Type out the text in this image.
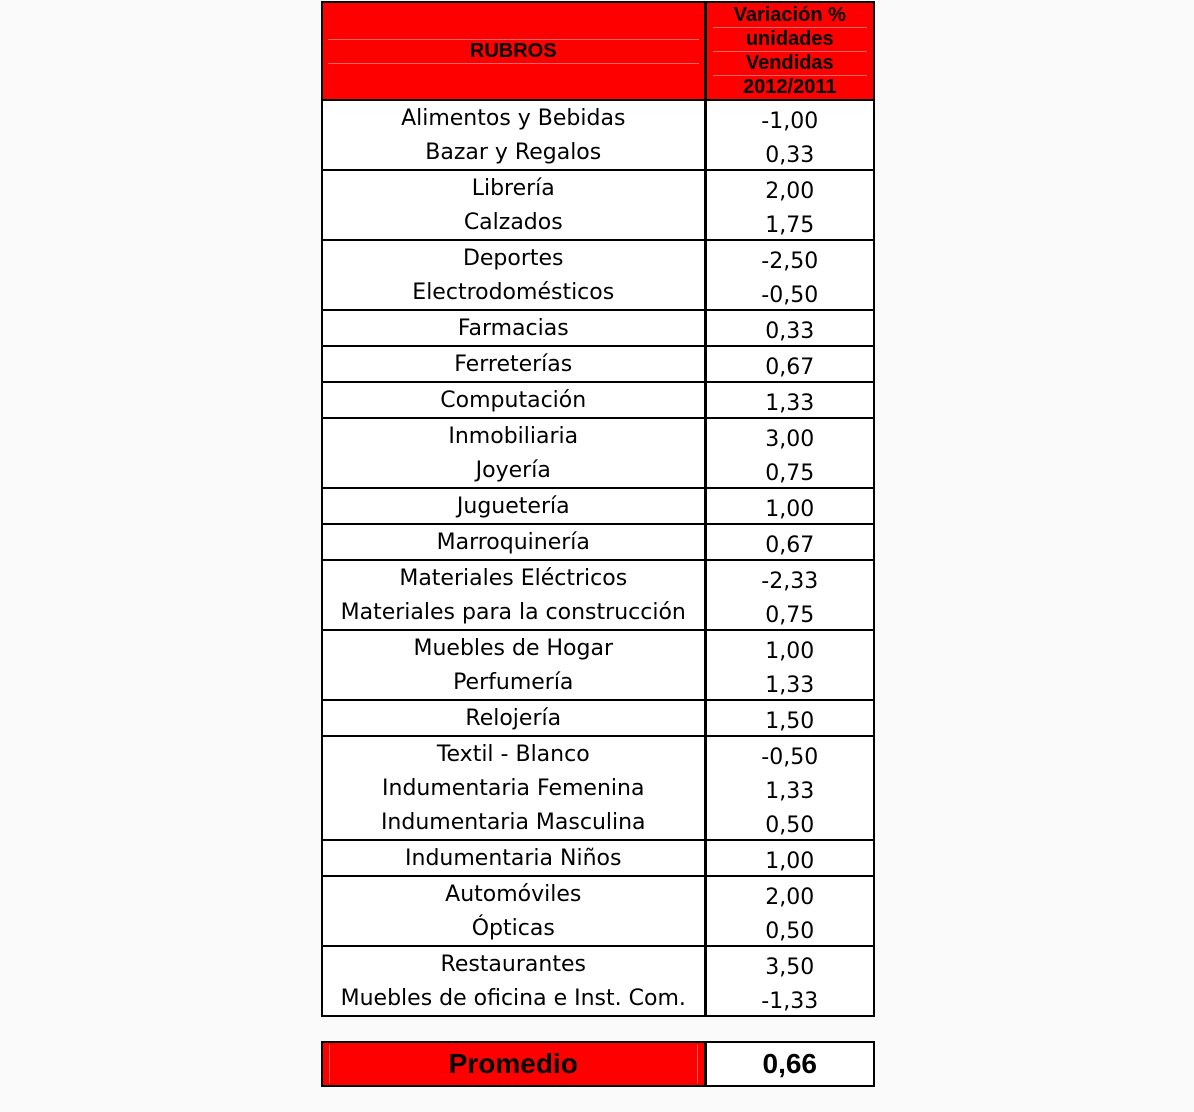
RUBROS	Variación %
unidades
Vendidas
2012/2011

Alimentos y Bebidas	-1,00
Bazar y Regalos	0,33
Librería	2,00
Calzados	1,75
Deportes	-2,50
Electrodomésticos	-0,50
Farmacias	0,33
Ferreterías	0,67
Computación	1,33
Inmobiliaria	3,00
Joyería	0,75
Juguetería	1,00
Marroquinería	0,67
Materiales Eléctricos	-2,33
Materiales para la construcción	0,75
Muebles de Hogar	1,00
Perfumería	1,33
Relojería	1,50
Textil - Blanco	-0,50
Indumentaria Femenina	1,33
Indumentaria Masculina	0,50
Indumentaria Niños	1,00
Automóviles	2,00
Ópticas	0,50
Restaurantes	3,50
Muebles de oficina e Inst. Com.	-1,33
Promedio	0,66
